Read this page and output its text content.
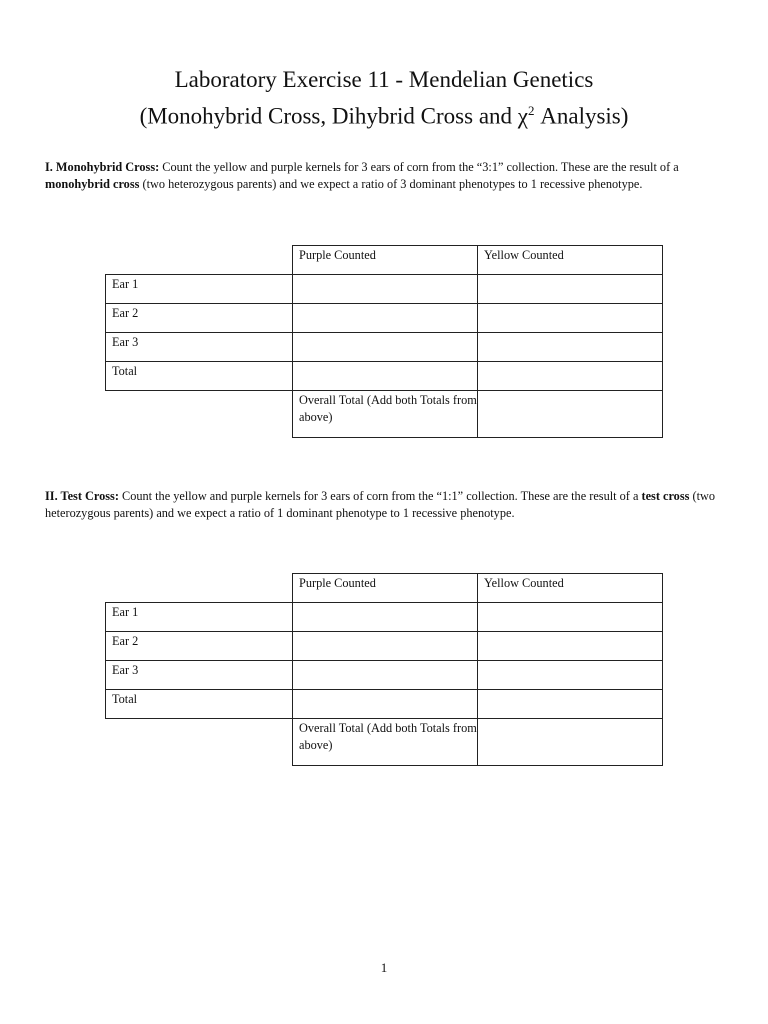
Laboratory Exercise 11 - Mendelian Genetics
(Monohybrid Cross, Dihybrid Cross and $\chi^2$ Analysis)
I. Monohybrid Cross: Count the yellow and purple kernels for 3 ears of corn from the “3:1” collection. These are the result of a monohybrid cross (two heterozygous parents) and we expect a ratio of 3 dominant phenotypes to 1 recessive phenotype.
	Purple Counted	Yellow Counted
Ear 1		
Ear 2		
Ear 3		
Total		
	Overall Total (Add both Totals from above)	
II. Test Cross: Count the yellow and purple kernels for 3 ears of corn from the “1:1” collection. These are the result of a test cross (two heterozygous parents) and we expect a ratio of 1 dominant phenotype to 1 recessive phenotype.
	Purple Counted	Yellow Counted
Ear 1		
Ear 2		
Ear 3		
Total		
	Overall Total (Add both Totals from above)	
1
